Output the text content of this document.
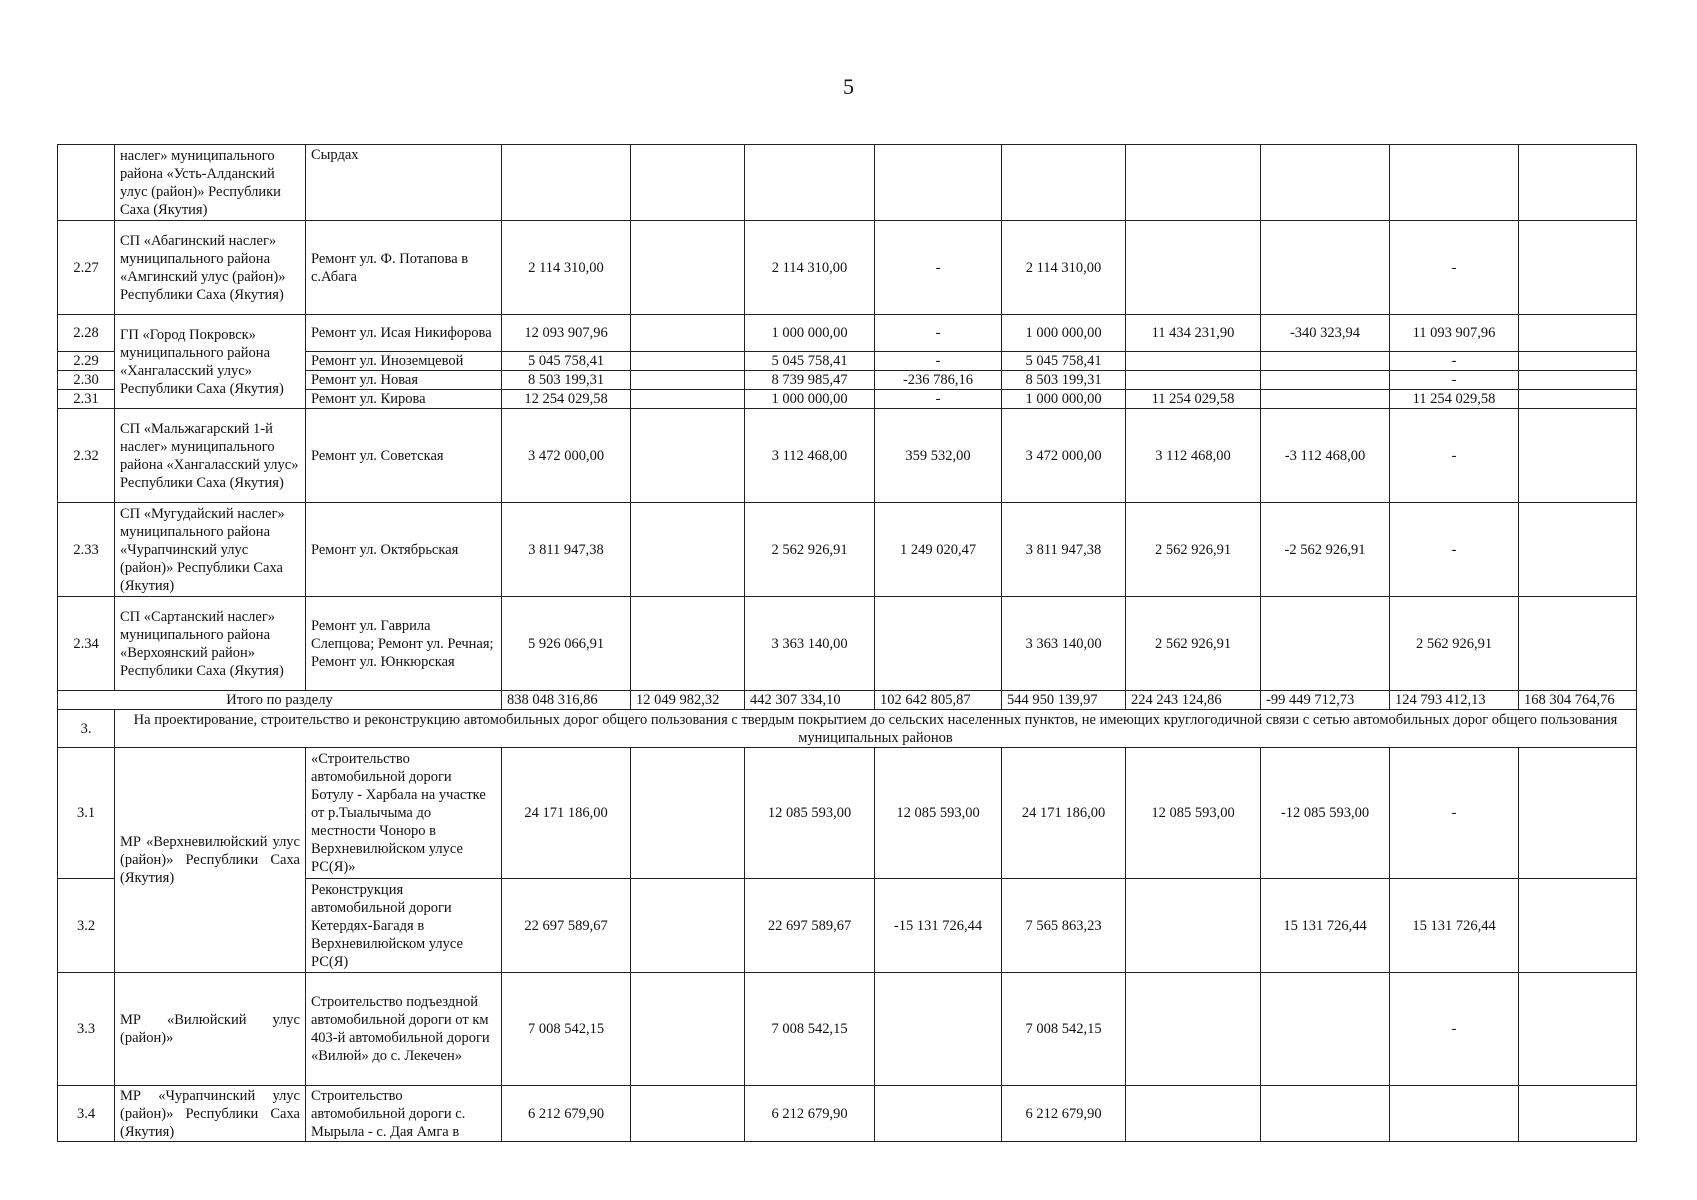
5
	наслег» муниципального района «Усть-Алданский улус (район)» Республики Саха (Якутия)	Сырдах									
2.27	СП «Абагинский наслег» муниципального района «Амгинский улус (район)» Республики Саха (Якутия)	Ремонт ул. Ф. Потапова в с.Абага	2 114 310,00		2 114 310,00	-	2 114 310,00			-	
2.28	ГП «Город Покровск» муниципального района «Хангаласский улус» Республики Саха (Якутия)	Ремонт ул. Исая Никифорова	12 093 907,96		1 000 000,00	-	1 000 000,00	11 434 231,90	-340 323,94	11 093 907,96	
2.29		Ремонт ул. Иноземцевой	5 045 758,41		5 045 758,41	-	5 045 758,41			-	
2.30		Ремонт ул. Новая	8 503 199,31		8 739 985,47	-236 786,16	8 503 199,31			-	
2.31		Ремонт ул. Кирова	12 254 029,58		1 000 000,00	-	1 000 000,00	11 254 029,58		11 254 029,58	
2.32	СП «Мальжагарский 1-й наслег» муниципального района «Хангаласский улус» Республики Саха (Якутия)	Ремонт ул. Советская	3 472 000,00		3 112 468,00	359 532,00	3 472 000,00	3 112 468,00	-3 112 468,00	-	
2.33	СП «Мугудайский наслег» муниципального района «Чурапчинский улус (район)» Республики Саха (Якутия)	Ремонт ул. Октябрьская	3 811 947,38		2 562 926,91	1 249 020,47	3 811 947,38	2 562 926,91	-2 562 926,91	-	
2.34	СП «Сартанский наслег» муниципального района «Верхоянский район» Республики Саха (Якутия)	Ремонт ул. Гаврила Слепцова; Ремонт ул. Речная; Ремонт ул. Юнкюрская	5 926 066,91		3 363 140,00		3 363 140,00	2 562 926,91		2 562 926,91	
Итого по разделу			838 048 316,86	12 049 982,32	442 307 334,10	102 642 805,87	544 950 139,97	224 243 124,86	-99 449 712,73	124 793 412,13	168 304 764,76
3.	На проектирование, строительство и реконструкцию автомобильных дорог общего пользования с твердым покрытием до сельских населенных пунктов, не имеющих круглогодичной связи с сетью автомобильных дорог общего пользования муниципальных районов										
3.1	МР «Верхневилюйский улус (район)» Республики Саха (Якутия)	«Строительство автомобильной дороги Ботулу - Харбала на участке от р.Тыалычыма до местности Чоноро в Верхневилюйском улусе РС(Я)»	24 171 186,00		12 085 593,00	12 085 593,00	24 171 186,00	12 085 593,00	-12 085 593,00	-	
3.2		Реконструкция автомобильной дороги Кетердях-Багадя в Верхневилюйском улусе РС(Я)	22 697 589,67		22 697 589,67	-15 131 726,44	7 565 863,23		15 131 726,44	15 131 726,44	
3.3	МР «Вилюйский улус (район)»	Строительство подъездной автомобильной дороги от км 403-й автомобильной дороги «Вилюй» до с. Лекечен»	7 008 542,15		7 008 542,15		7 008 542,15			-	
3.4	МР «Чурапчинский улус (район)» Республики Саха (Якутия)	Строительство автомобильной дороги с. Мырыла - с. Дая Амга в	6 212 679,90		6 212 679,90		6 212 679,90				
